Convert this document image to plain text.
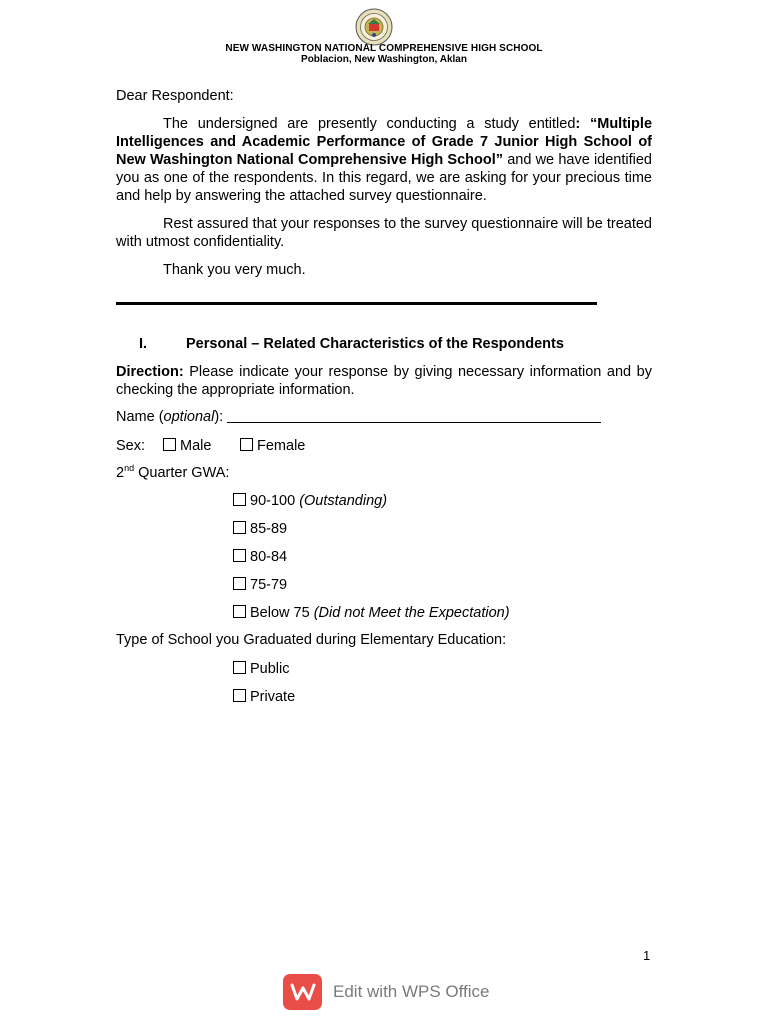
NEW WASHINGTON NATIONAL COMPREHENSIVE HIGH SCHOOL
Poblacion, New Washington, Aklan
Dear Respondent:
The undersigned are presently conducting a study entitled: “Multiple Intelligences and Academic Performance of Grade 7 Junior High School of New Washington National Comprehensive High School” and we have identified you as one of the respondents. In this regard, we are asking for your precious time and help by answering the attached survey questionnaire.
Rest assured that your responses to the survey questionnaire will be treated with utmost confidentiality.
Thank you very much.
I.	Personal – Related Characteristics of the Respondents
Direction: Please indicate your response by giving necessary information and by checking the appropriate information.
Name (optional):
Sex:	Male	Female
2nd Quarter GWA:
90-100 (Outstanding)
85-89
80-84
75-79
Below 75 (Did not Meet the Expectation)
Type of School you Graduated during Elementary Education:
Public
Private
1
Edit with WPS Office
